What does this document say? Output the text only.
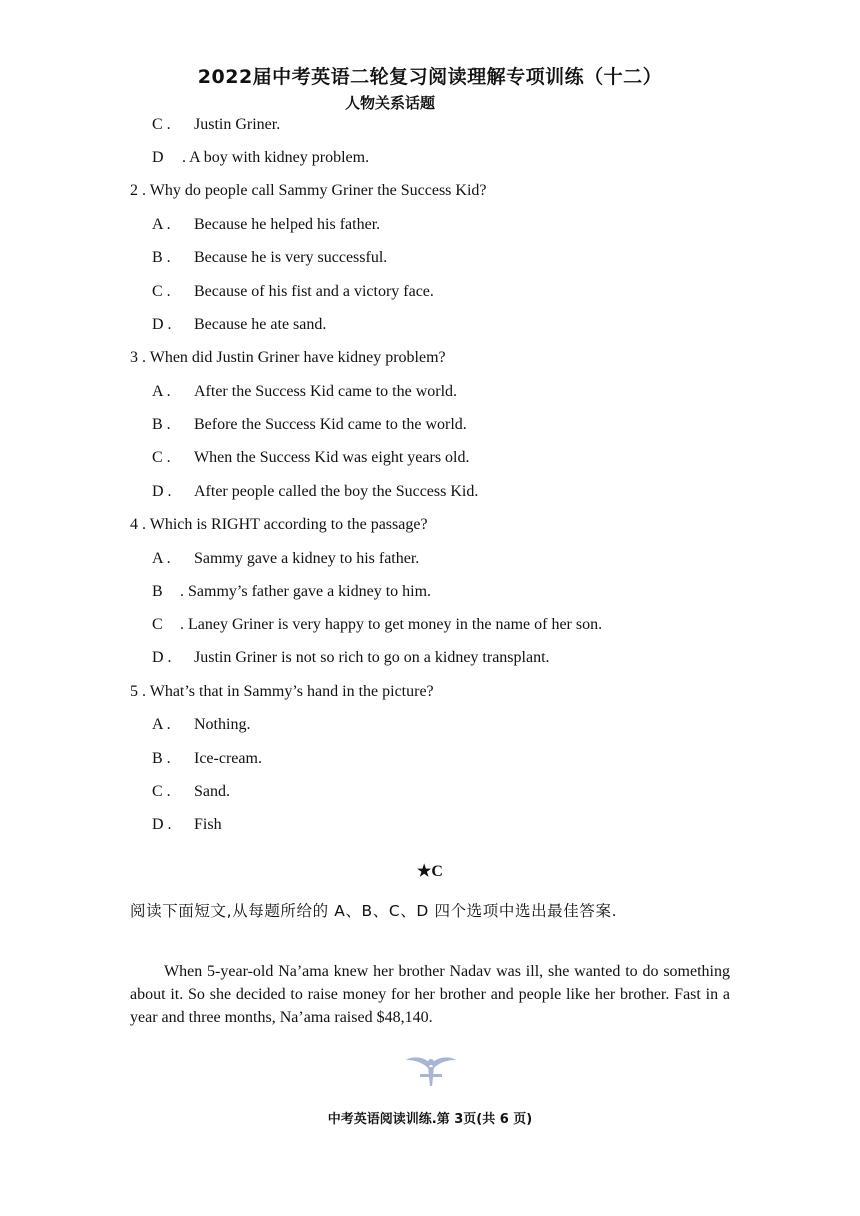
2022届中考英语二轮复习阅读理解专项训练（十二）
人物关系话题
C . Justin Griner.
D . A boy with kidney problem.
2 . Why do people call Sammy Griner the Success Kid?
A . Because he helped his father.
B . Because he is very successful.
C . Because of his fist and a victory face.
D . Because he ate sand.
3 . When did Justin Griner have kidney problem?
A . After the Success Kid came to the world.
B . Before the Success Kid came to the world.
C . When the Success Kid was eight years old.
D . After people called the boy the Success Kid.
4 . Which is RIGHT according to the passage?
A . Sammy gave a kidney to his father.
B . Sammy’s father gave a kidney to him.
C . Laney Griner is very happy to get money in the name of her son.
D . Justin Griner is not so rich to go on a kidney transplant.
5 . What’s that in Sammy’s hand in the picture?
A . Nothing.
B . Ice-cream.
C . Sand.
D . Fish
★C
阅读下面短文,从每题所给的 A、B、C、D 四个选项中选出最佳答案.
When 5-year-old Na’ama knew her brother Nadav was ill, she wanted to do something about it. So she decided to raise money for her brother and people like her brother. Fast in a year and three months, Na’ama raised $48,140.
中考英语阅读训练.第 3页(共 6 页)
